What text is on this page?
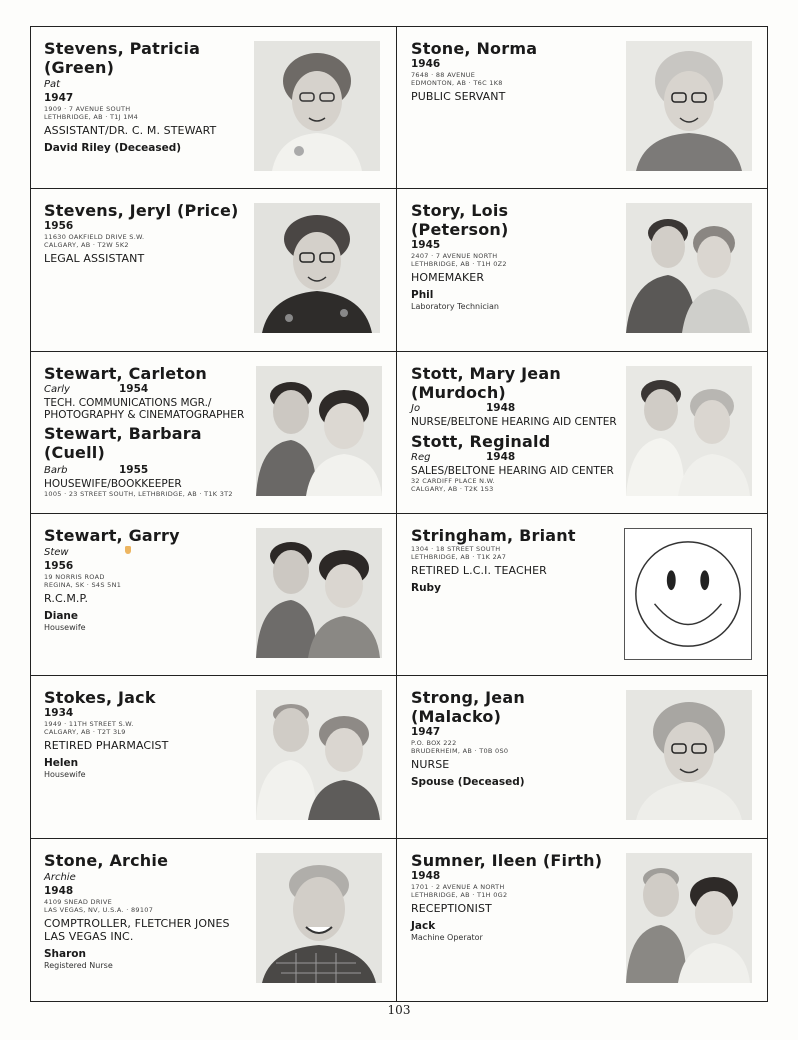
Stevens, Patricia (Green)
Pat
1947
1909 · 7 AVENUE SOUTH
LETHBRIDGE, AB · T1J 1M4
ASSISTANT/DR. C. M. STEWART
David Riley (Deceased)
Stone, Norma
1946
7648 · 88 AVENUE
EDMONTON, AB · T6C 1K8
PUBLIC SERVANT
Stevens, Jeryl (Price)
1956
11630 OAKFIELD DRIVE S.W.
CALGARY, AB · T2W 5K2
LEGAL ASSISTANT
Story, Lois (Peterson)
1945
2407 · 7 AVENUE NORTH
LETHBRIDGE, AB · T1H 0Z2
HOMEMAKER
Phil
Laboratory Technician
Stewart, Carleton
Carly	1954
TECH. COMMUNICATIONS MGR./ PHOTOGRAPHY & CINEMATOGRAPHER
Stewart, Barbara (Cuell)
Barb	1955
HOUSEWIFE/BOOKKEEPER
1005 · 23 STREET SOUTH, LETHBRIDGE, AB · T1K 3T2
Stott, Mary Jean (Murdoch)
Jo	1948
NURSE/BELTONE HEARING AID CENTER
Stott, Reginald
Reg	1948
SALES/BELTONE HEARING AID CENTER
32 CARDIFF PLACE N.W.
CALGARY, AB · T2K 1S3
Stewart, Garry
Stew
1956
19 NORRIS ROAD
REGINA, SK · S4S 5N1
R.C.M.P.
Diane
Housewife
Stringham, Briant
1304 · 18 STREET SOUTH
LETHBRIDGE, AB · T1K 2A7
RETIRED L.C.I. TEACHER
Ruby
Stokes, Jack
1934
1949 · 11TH STREET S.W.
CALGARY, AB · T2T 3L9
RETIRED PHARMACIST
Helen
Housewife
Strong, Jean (Malacko)
1947
P.O. BOX 222
BRUDERHEIM, AB · T0B 0S0
NURSE
Spouse (Deceased)
Stone, Archie
Archie
1948
4109 SNEAD DRIVE
LAS VEGAS, NV, U.S.A. · 89107
COMPTROLLER, FLETCHER JONES LAS VEGAS INC.
Sharon
Registered Nurse
Sumner, Ileen (Firth)
1948
1701 · 2 AVENUE A NORTH
LETHBRIDGE, AB · T1H 0G2
RECEPTIONIST
Jack
Machine Operator
103
